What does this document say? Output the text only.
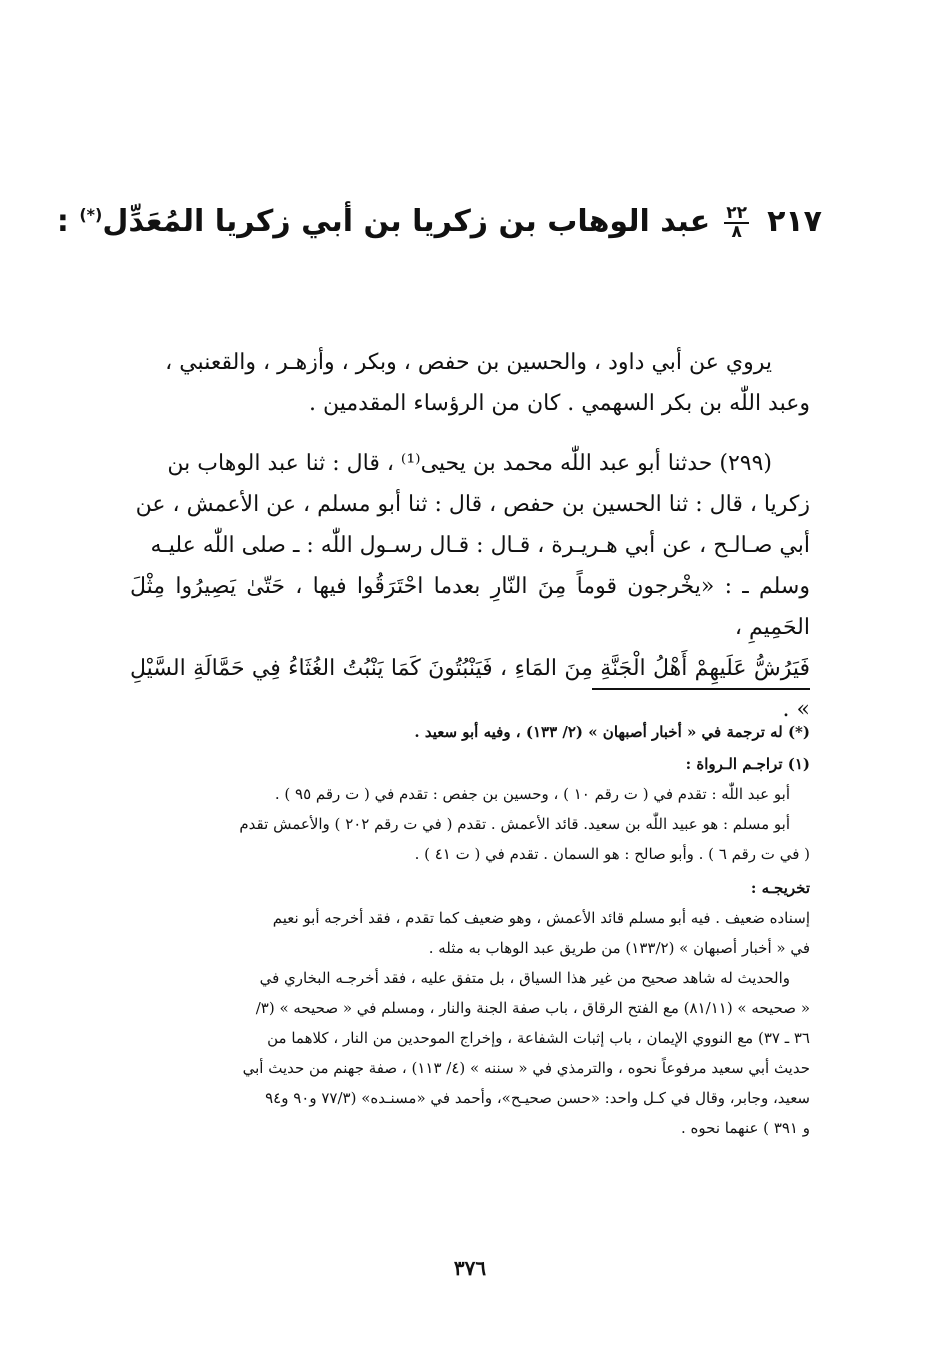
٢١٧
$\frac{٢٢}{٨}$
عبد الوهاب بن زكريا بن أبي زكريا المُعَدِّل(*) :

يروي عن أبي داود ، والحسين بن حفص ، وبكر ، وأزهـر ، والقعنبي ،

وعبد اللّٰه بن بكر السهمي . كان من الرؤساء المقدمين .

(٢٩٩) حدثنا أبو عبد اللّٰه محمد بن يحيى⁽¹⁾ ، قال : ثنا عبد الوهاب بن

زكريا ، قال : ثنا الحسين بن حفص ، قال : ثنا أبو مسلم ، عن الأعمش ، عن

أبي صـالـح ، عن أبي هـريـرة ، قـال : قـال رسـول اللّٰه : ـ صلى اللّٰه عليـه

وسلم ـ : «يخْرجون قوماً مِنَ النّارِ بعدما احْتَرَقُوا فيها ، حَتّىٰ يَصِيرُوا مِثْلَ الحَمِيمِ ،

فَيَرُشُّ عَلَيهِمْ أَهْلُ الْجَنَّةِ مِنَ المَاءِ ، فَيَنْبُتُونَ كَمَا يَنْبُتُ الغُثَاءُ فِي حَمَّالَةِ السَّيْلِ » .

(*) له ترجمة في « أخبار أصبهان » (٢/ ١٣٣) ، وفيه أبو سعيد .

(١) تراجـم الـرواة :

أبو عبد اللّٰه : تقدم في ( ت رقم ١٠ ) ، وحسين بن جفص : تقدم في ( ت رقم ٩٥ ) .

أبو مسلم : هو عبيد اللّٰه بن سعيد. قائد الأعمش . تقدم ( في ت رقم ٢٠٢ ) والأعمش تقدم

( في ت رقم ٦ ) . وأبو صالح : هو السمان . تقدم في ( ت ٤١ ) .

تخريجـه :

إسناده ضعيف . فيه أبو مسلم قائد الأعمش ، وهو ضعيف كما تقدم ، فقد أخرجه أبو نعيم

في « أخبار أصبهان » (١٣٣/٢) من طريق عبد الوهاب به مثله .

والحديث له شاهد صحيح من غير هذا السياق ، بل متفق عليه ، فقد أخرجـه البخاري في

« صحيحه » (٨١/١١) مع الفتح الرقاق ، باب صفة الجنة والنار ، ومسلم في « صحيحه » (٣/

٣٦ ـ ٣٧) مع النووي الإيمان ، باب إثبات الشفاعة ، وإخراج الموحدين من النار ، كلاهما من

حديث أبي سعيد مرفوعاً نحوه ، والترمذي في « سننه » (٤/ ١١٣) ، صفة جهنم من حديث أبي

سعيد، وجابر، وقال في كـل واحد: «حسن صحيـح»، وأحمد في «مسنـده» (٧٧/٣ و٩٠ و٩٤

و ٣٩١ ) عنهما نحوه .

٣٧٦
